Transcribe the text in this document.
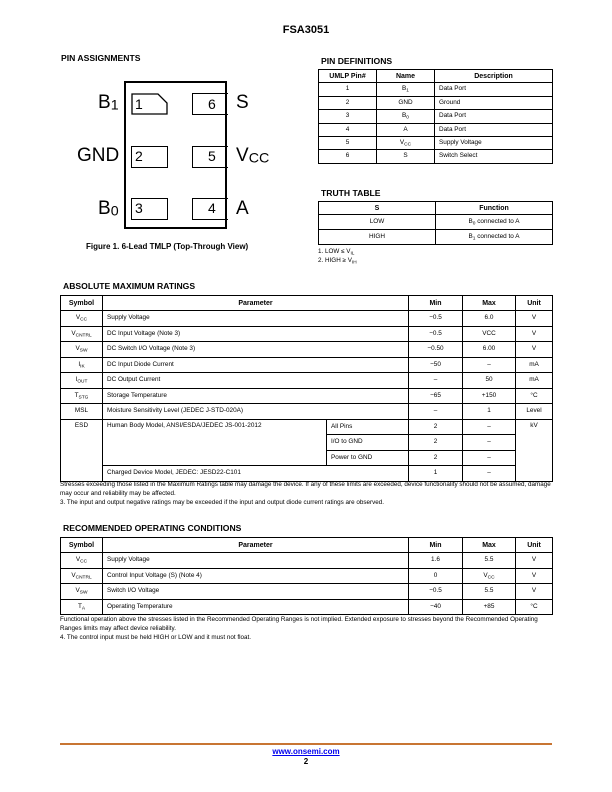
FSA3051
PIN ASSIGNMENTS
1
2
3
6
5
4
$B_1$
GND
$B_0$
S
$V_{CC}$
A
Figure 1. 6-Lead TMLP (Top-Through View)
PIN DEFINITIONS
UMLP Pin#	Name	Description
1	$B_1$	Data Port
2	GND	Ground
3	$B_0$	Data Port
4	A	Data Port
5	$V_{CC}$	Supply Voltage
6	S	Switch Select
TRUTH TABLE
S	Function
LOW	$B_0$ connected to A
HIGH	$B_1$ connected to A
1. LOW ≤ $V_{IL}$
2. HIGH ≥ $V_{IH}$
ABSOLUTE MAXIMUM RATINGS
Symbol	Parameter		Min	Max	Unit
$V_{CC}$	Supply Voltage		−0.5	6.0	V
$V_{CNTRL}$	DC Input Voltage (Note 3)		−0.5	VCC	V
$V_{SW}$	DC Switch I/O Voltage (Note 3)		−0.50	6.00	V
$I_{IK}$	DC Input Diode Current		−50	–	mA
$I_{OUT}$	DC Output Current		–	50	mA
$T_{STG}$	Storage Temperature		−65	+150	°C
MSL	Moisture Sensitivity Level (JEDEC J-STD-020A)		–	1	Level
ESD	Human Body Model, ANSI/ESDA/JEDEC JS-001-2012	All Pins	2	–	kV
		I/O to GND	2	–	
		Power to GND	2	–	
	Charged Device Model, JEDEC: JESD22-C101		1	–	
Stresses exceeding those listed in the Maximum Ratings table may damage the device. If any of these limits are exceeded, device functionality should not be assumed, damage may occur and reliability may be affected.
3. The input and output negative ratings may be exceeded if the input and output diode current ratings are observed.
RECOMMENDED OPERATING CONDITIONS
Symbol	Parameter	Min	Max	Unit
$V_{CC}$	Supply Voltage	1.6	5.5	V
$V_{CNTRL}$	Control Input Voltage (S) (Note 4)	0	$V_{CC}$	V
$V_{SW}$	Switch I/O Voltage	−0.5	5.5	V
$T_A$	Operating Temperature	−40	+85	°C
Functional operation above the stresses listed in the Recommended Operating Ranges is not implied. Extended exposure to stresses beyond the Recommended Operating Ranges limits may affect device reliability.
4. The control input must be held HIGH or LOW and it must not float.
www.onsemi.com
2
